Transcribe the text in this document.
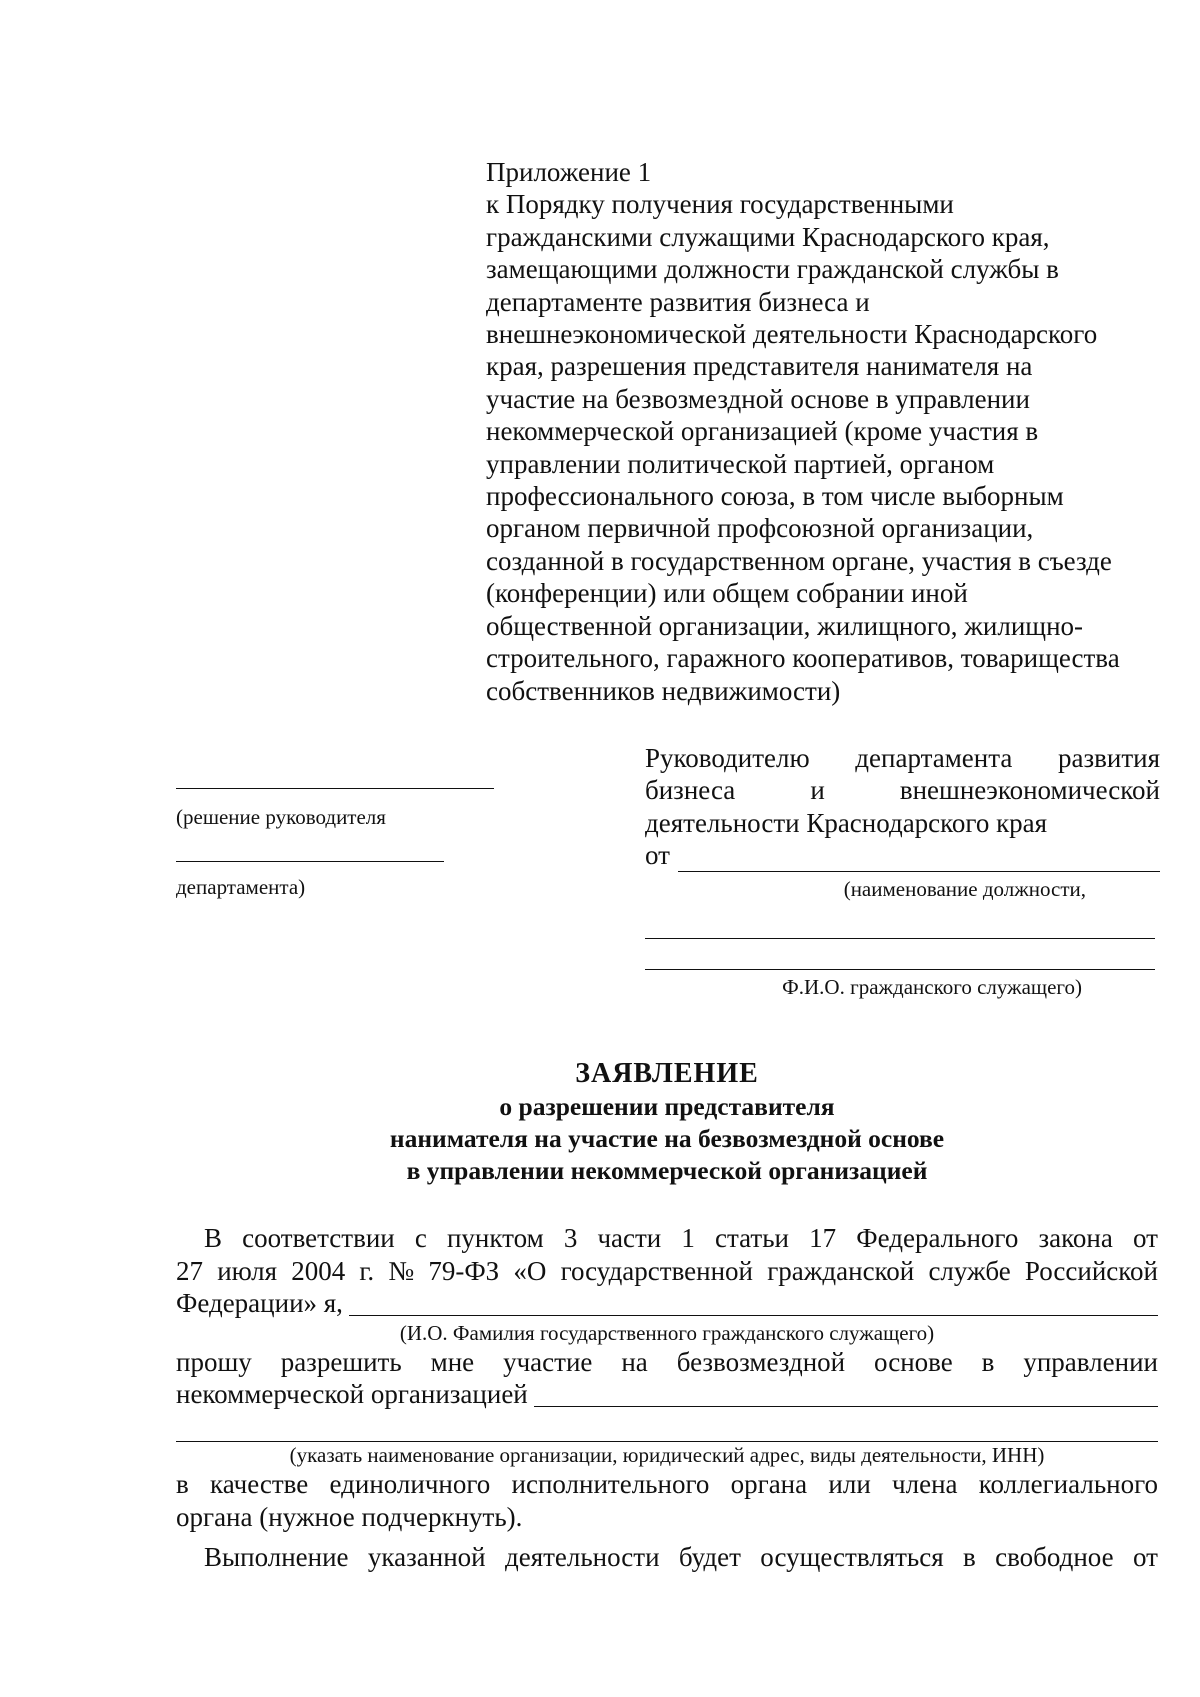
Приложение 1
к Порядку получения государственными
гражданскими служащими Краснодарского края,
замещающими должности гражданской службы в
департаменте развития бизнеса и
внешнеэкономической деятельности Краснодарского
края, разрешения представителя нанимателя на
участие на безвозмездной основе в управлении
некоммерческой организацией (кроме участия в
управлении политической партией, органом
профессионального союза, в том числе выборным
органом первичной профсоюзной организации,
созданной в государственном органе, участия в съезде
(конференции) или общем собрании иной
общественной организации, жилищного, жилищно-
строительного, гаражного кооперативов, товарищества
собственников недвижимости)
(решение руководителя
департамента)
Руководителю департамента развития
бизнеса	и	внешнеэкономической
деятельности Краснодарского края
от
(наименование должности,
Ф.И.О. гражданского служащего)
ЗАЯВЛЕНИЕ
о разрешении представителя
нанимателя на участие на безвозмездной основе
в управлении некоммерческой организацией
В соответствии с пунктом 3 части 1 статьи 17 Федерального закона от
27 июля 2004 г. № 79-ФЗ «О государственной гражданской службе Российской
Федерации» я,
(И.О. Фамилия государственного гражданского служащего)
прошу разрешить мне участие на безвозмездной основе в управлении
некоммерческой организацией
(указать наименование организации, юридический адрес, виды деятельности, ИНН)
в качестве единоличного исполнительного органа или члена коллегиального
органа (нужное подчеркнуть).
Выполнение указанной деятельности будет осуществляться в свободное от
